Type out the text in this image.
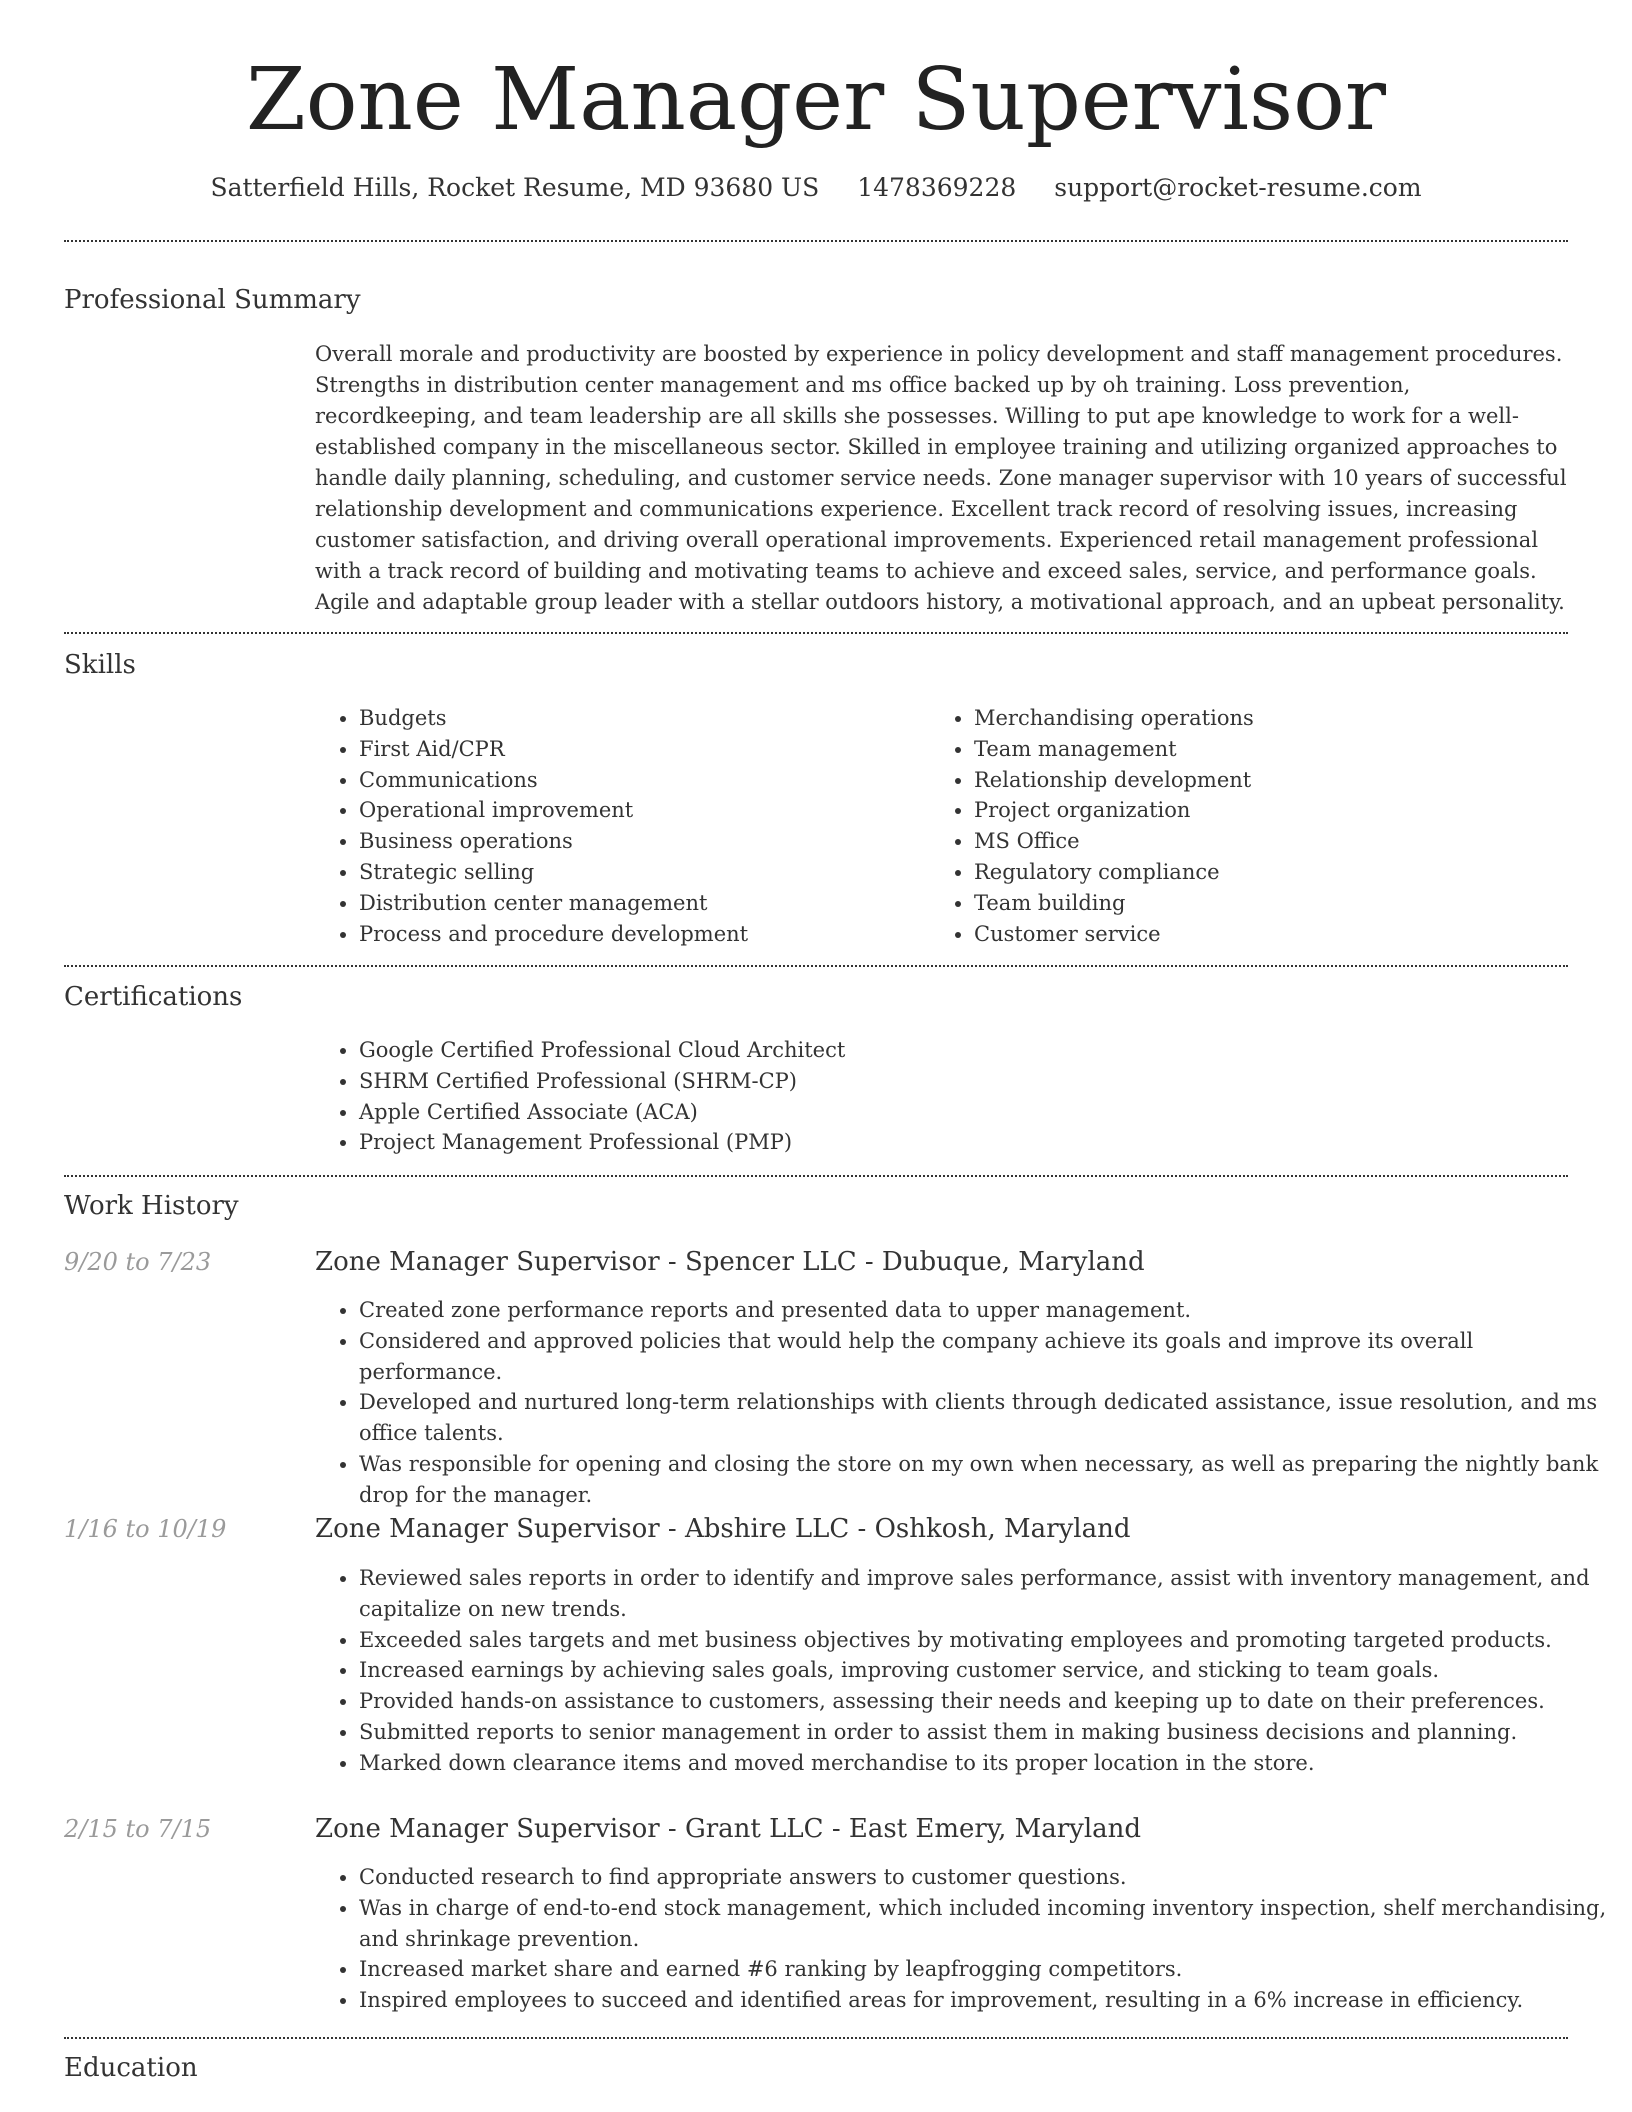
Zone Manager Supervisor
Satterfield Hills, Rocket Resume, MD 93680 US 1478369228 support@rocket-resume.com
Professional Summary
Overall morale and productivity are boosted by experience in policy development and staff management procedures. Strengths in distribution center management and ms office backed up by oh training. Loss prevention, recordkeeping, and team leadership are all skills she possesses. Willing to put ape knowledge to work for a well-established company in the miscellaneous sector. Skilled in employee training and utilizing organized approaches to handle daily planning, scheduling, and customer service needs. Zone manager supervisor with 10 years of successful relationship development and communications experience. Excellent track record of resolving issues, increasing customer satisfaction, and driving overall operational improvements. Experienced retail management professional with a track record of building and motivating teams to achieve and exceed sales, service, and performance goals. Agile and adaptable group leader with a stellar outdoors history, a motivational approach, and an upbeat personality.
Skills
• Budgets
• First Aid/CPR
• Communications
• Operational improvement
• Business operations
• Strategic selling
• Distribution center management
• Process and procedure development
• Merchandising operations
• Team management
• Relationship development
• Project organization
• MS Office
• Regulatory compliance
• Team building
• Customer service
Certifications
• Google Certified Professional Cloud Architect
• SHRM Certified Professional (SHRM-CP)
• Apple Certified Associate (ACA)
• Project Management Professional (PMP)
Work History
9/20 to 7/23	Zone Manager Supervisor - Spencer LLC - Dubuque, Maryland
• Created zone performance reports and presented data to upper management.
• Considered and approved policies that would help the company achieve its goals and improve its overall performance.
• Developed and nurtured long-term relationships with clients through dedicated assistance, issue resolution, and ms office talents.
• Was responsible for opening and closing the store on my own when necessary, as well as preparing the nightly bank drop for the manager.
1/16 to 10/19	Zone Manager Supervisor - Abshire LLC - Oshkosh, Maryland
• Reviewed sales reports in order to identify and improve sales performance, assist with inventory management, and capitalize on new trends.
• Exceeded sales targets and met business objectives by motivating employees and promoting targeted products.
• Increased earnings by achieving sales goals, improving customer service, and sticking to team goals.
• Provided hands-on assistance to customers, assessing their needs and keeping up to date on their preferences.
• Submitted reports to senior management in order to assist them in making business decisions and planning.
• Marked down clearance items and moved merchandise to its proper location in the store.
2/15 to 7/15	Zone Manager Supervisor - Grant LLC - East Emery, Maryland
• Conducted research to find appropriate answers to customer questions.
• Was in charge of end-to-end stock management, which included incoming inventory inspection, shelf merchandising, and shrinkage prevention.
• Increased market share and earned #6 ranking by leapfrogging competitors.
• Inspired employees to succeed and identified areas for improvement, resulting in a 6% increase in efficiency.
Education
